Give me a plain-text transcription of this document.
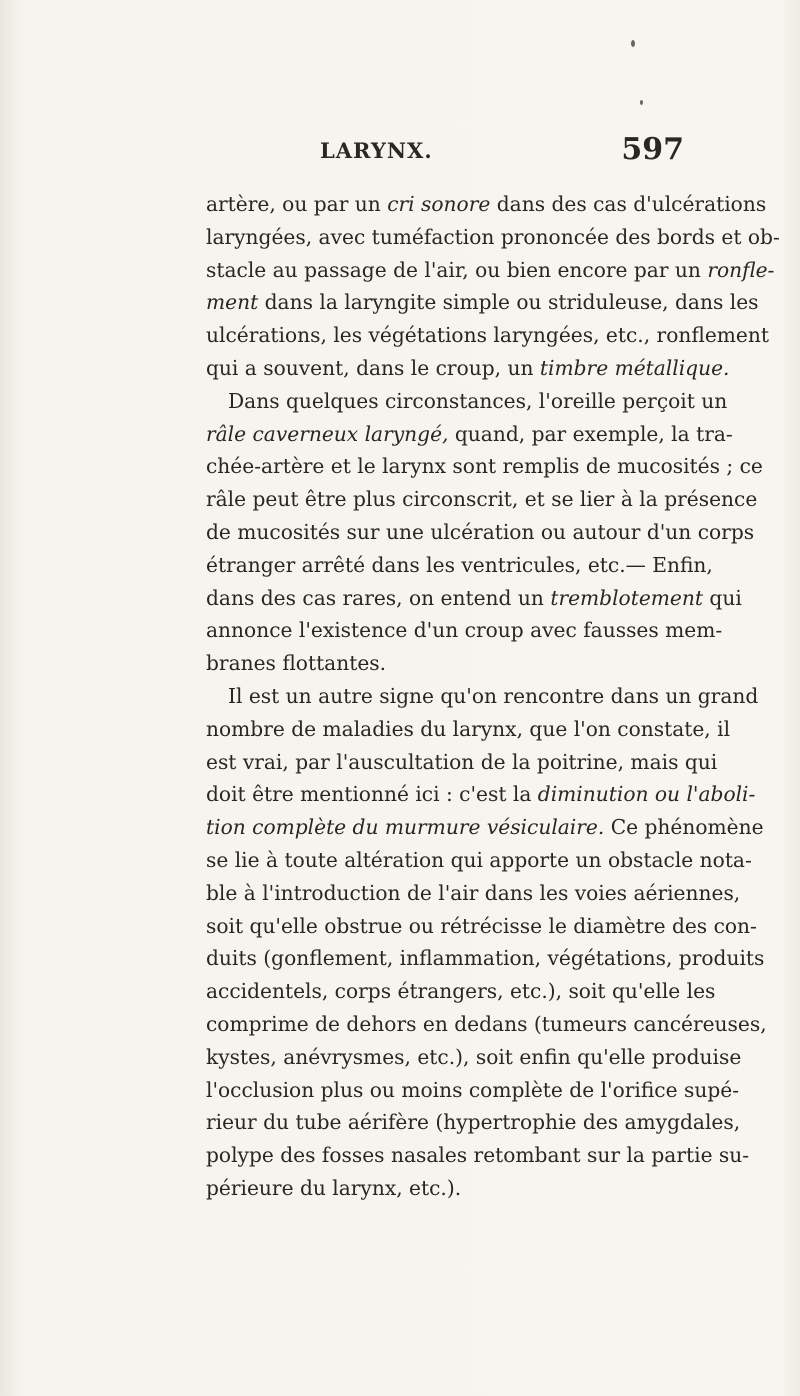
LARYNX.	597
artère, ou par un cri sonore dans des cas d'ulcérations
laryngées, avec tuméfaction prononcée des bords et ob-
stacle au passage de l'air, ou bien encore par un ronfle-
ment dans la laryngite simple ou striduleuse, dans les
ulcérations, les végétations laryngées, etc., ronflement
qui a souvent, dans le croup, un timbre métallique.
Dans quelques circonstances, l'oreille perçoit un
râle caverneux laryngé, quand, par exemple, la tra-
chée-artère et le larynx sont remplis de mucosités ; ce
râle peut être plus circonscrit, et se lier à la présence
de mucosités sur une ulcération ou autour d'un corps
étranger arrêté dans les ventricules, etc.— Enfin,
dans des cas rares, on entend un tremblotement qui
annonce l'existence d'un croup avec fausses mem-
branes flottantes.
Il est un autre signe qu'on rencontre dans un grand
nombre de maladies du larynx, que l'on constate, il
est vrai, par l'auscultation de la poitrine, mais qui
doit être mentionné ici : c'est la diminution ou l'aboli-
tion complète du murmure vésiculaire. Ce phénomène
se lie à toute altération qui apporte un obstacle nota-
ble à l'introduction de l'air dans les voies aériennes,
soit qu'elle obstrue ou rétrécisse le diamètre des con-
duits (gonflement, inflammation, végétations, produits
accidentels, corps étrangers, etc.), soit qu'elle les
comprime de dehors en dedans (tumeurs cancéreuses,
kystes, anévrysmes, etc.), soit enfin qu'elle produise
l'occlusion plus ou moins complète de l'orifice supé-
rieur du tube aérifère (hypertrophie des amygdales,
polype des fosses nasales retombant sur la partie su-
périeure du larynx, etc.).
